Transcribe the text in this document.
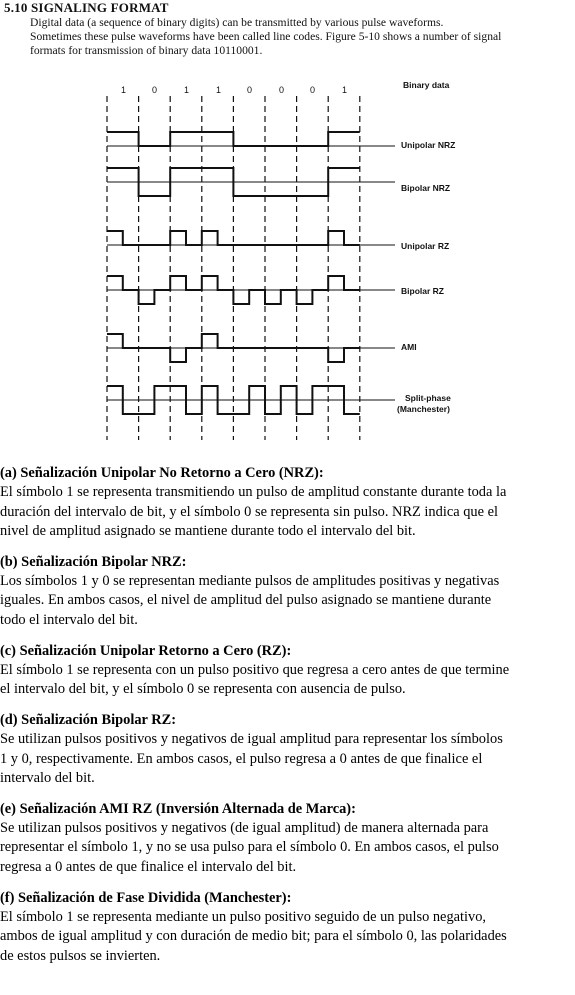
5.10 SIGNALING FORMAT

Digital data (a sequence of binary digits) can be transmitted by various pulse waveforms.

Sometimes these pulse waveforms have been called line codes. Figure 5-10 shows a number of signal

formats for transmission of binary data 10110001.

1	0	1	1	0	0	0	1	Binary data
Unipolar NRZ
Bipolar NRZ
Unipolar RZ
Bipolar RZ
AMI
Split-phase
(Manchester)
(a) Señalización Unipolar No Retorno a Cero (NRZ):
El símbolo 1 se representa transmitiendo un pulso de amplitud constante durante toda la
duración del intervalo de bit, y el símbolo 0 se representa sin pulso. NRZ indica que el
nivel de amplitud asignado se mantiene durante todo el intervalo del bit.
(b) Señalización Bipolar NRZ:
Los símbolos 1 y 0 se representan mediante pulsos de amplitudes positivas y negativas
iguales. En ambos casos, el nivel de amplitud del pulso asignado se mantiene durante
todo el intervalo del bit.
(c) Señalización Unipolar Retorno a Cero (RZ):
El símbolo 1 se representa con un pulso positivo que regresa a cero antes de que termine
el intervalo del bit, y el símbolo 0 se representa con ausencia de pulso.
(d) Señalización Bipolar RZ:
Se utilizan pulsos positivos y negativos de igual amplitud para representar los símbolos
1 y 0, respectivamente. En ambos casos, el pulso regresa a 0 antes de que finalice el
intervalo del bit.
(e) Señalización AMI RZ (Inversión Alternada de Marca):
Se utilizan pulsos positivos y negativos (de igual amplitud) de manera alternada para
representar el símbolo 1, y no se usa pulso para el símbolo 0. En ambos casos, el pulso
regresa a 0 antes de que finalice el intervalo del bit.
(f) Señalización de Fase Dividida (Manchester):
El símbolo 1 se representa mediante un pulso positivo seguido de un pulso negativo,
ambos de igual amplitud y con duración de medio bit; para el símbolo 0, las polaridades
de estos pulsos se invierten.
